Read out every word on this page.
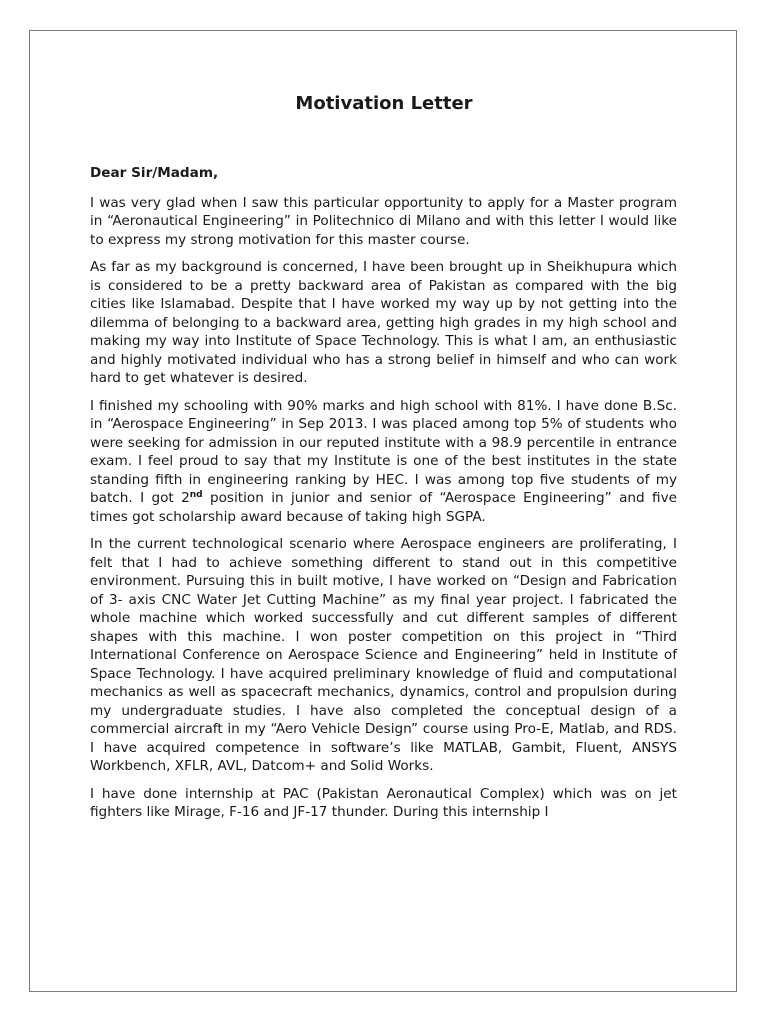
Motivation Letter

Dear Sir/Madam,

I was very glad when I saw this particular opportunity to apply for a Master program in “Aeronautical Engineering” in Politechnico di Milano and with this letter I would like to express my strong motivation for this master course.

As far as my background is concerned, I have been brought up in Sheikhupura which is considered to be a pretty backward area of Pakistan as compared with the big cities like Islamabad. Despite that I have worked my way up by not getting into the dilemma of belonging to a backward area, getting high grades in my high school and making my way into Institute of Space Technology. This is what I am, an enthusiastic and highly motivated individual who has a strong belief in himself and who can work hard to get whatever is desired.

I finished my schooling with 90% marks and high school with 81%. I have done B.Sc. in “Aerospace Engineering” in Sep 2013. I was placed among top 5% of students who were seeking for admission in our reputed institute with a 98.9 percentile in entrance exam. I feel proud to say that my Institute is one of the best institutes in the state standing fifth in engineering ranking by HEC. I was among top five students of my batch. I got 2nd position in junior and senior of “Aerospace Engineering” and five times got scholarship award because of taking high SGPA.

In the current technological scenario where Aerospace engineers are proliferating, I felt that I had to achieve something different to stand out in this competitive environment. Pursuing this in built motive, I have worked on “Design and Fabrication of 3- axis CNC Water Jet Cutting Machine” as my final year project. I fabricated the whole machine which worked successfully and cut different samples of different shapes with this machine. I won poster competition on this project in “Third International Conference on Aerospace Science and Engineering” held in Institute of Space Technology. I have acquired preliminary knowledge of fluid and computational mechanics as well as spacecraft mechanics, dynamics, control and propulsion during my undergraduate studies. I have also completed the conceptual design of a commercial aircraft in my “Aero Vehicle Design” course using Pro-E, Matlab, and RDS. I have acquired competence in software’s like MATLAB, Gambit, Fluent, ANSYS Workbench, XFLR, AVL, Datcom+ and Solid Works.

I have done internship at PAC (Pakistan Aeronautical Complex) which was on jet fighters like Mirage, F-16 and JF-17 thunder. During this internship I
